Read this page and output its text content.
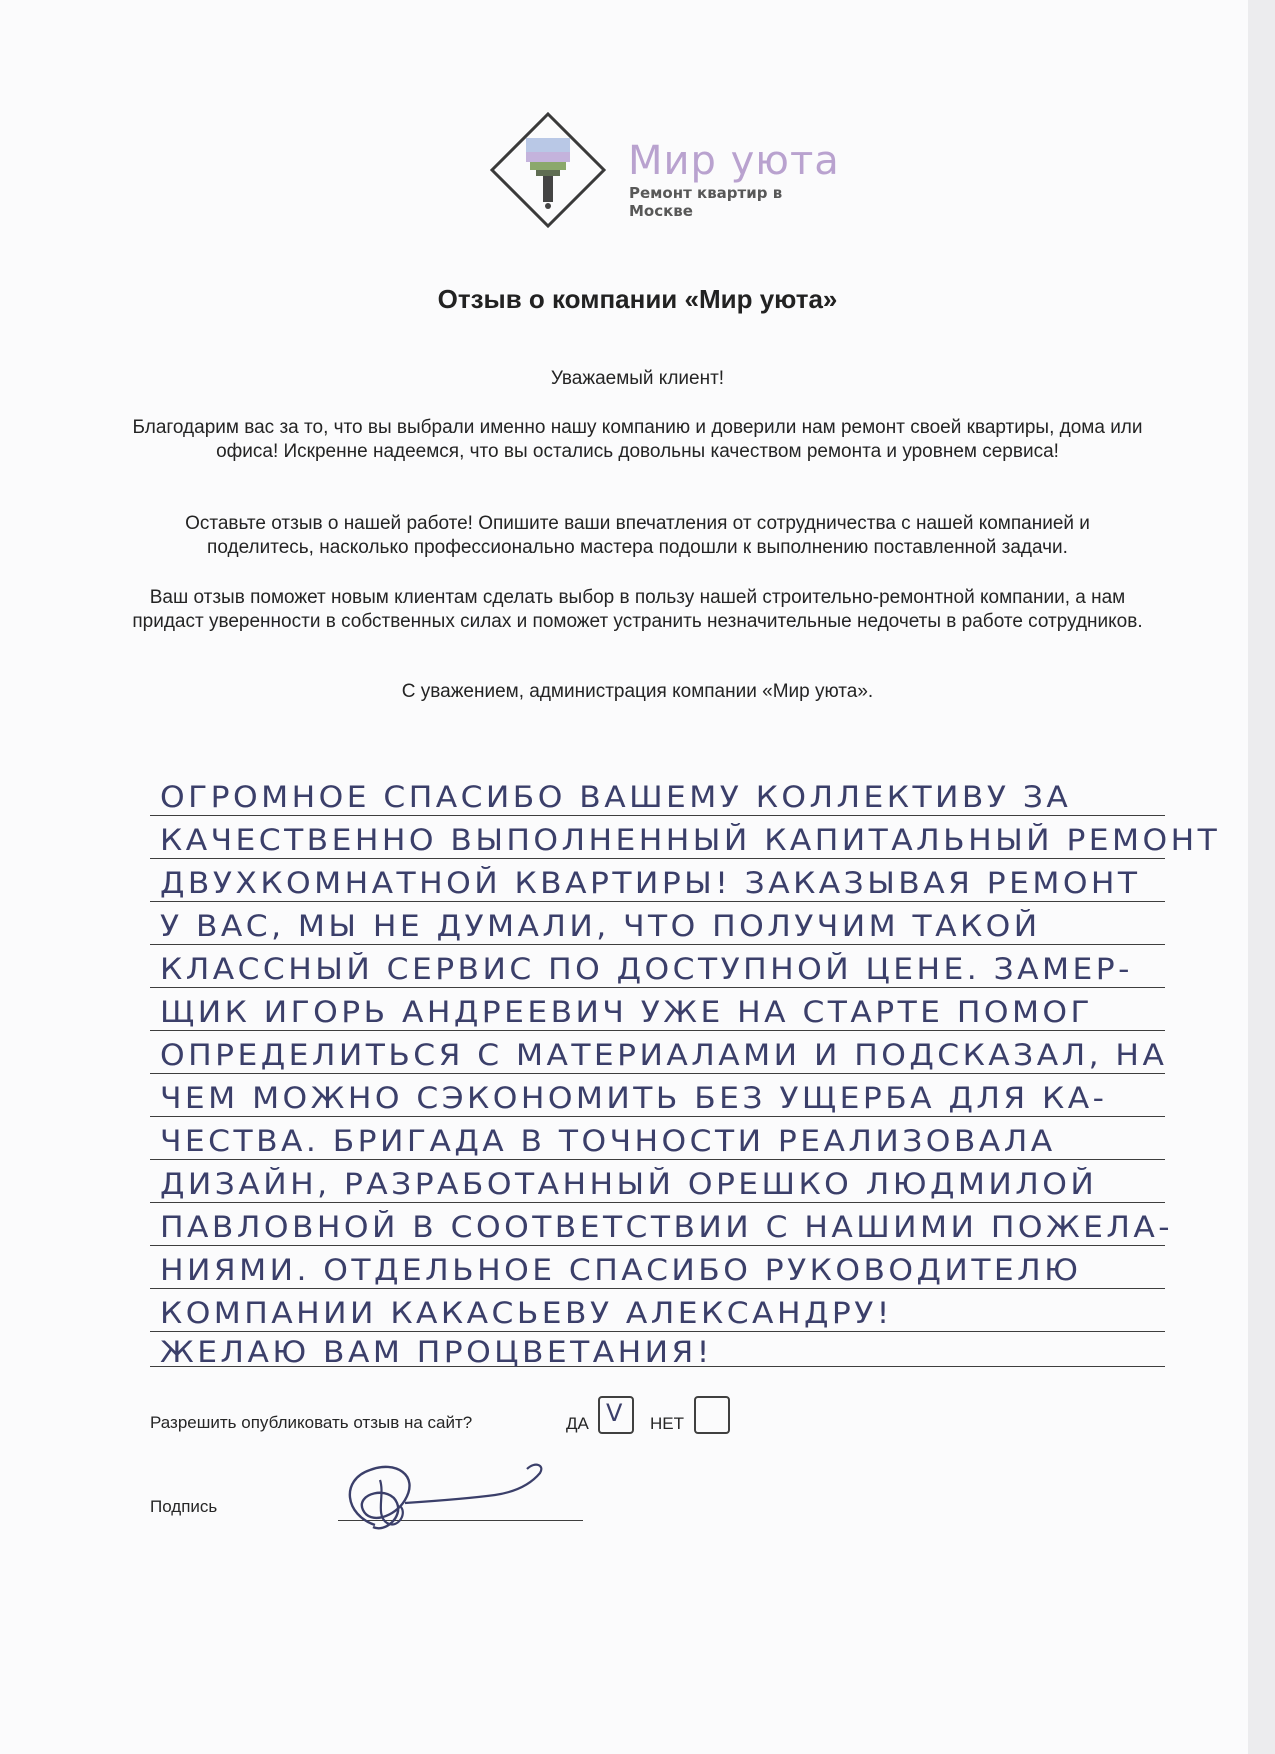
Мир уюта
Ремонт квартир в Москве
Отзыв о компании «Мир уюта»
Уважаемый клиент!
Благодарим вас за то, что вы выбрали именно нашу компанию и доверили нам ремонт своей квартиры, дома или офиса! Искренне надеемся, что вы остались довольны качеством ремонта и уровнем сервиса!
Оставьте отзыв о нашей работе! Опишите ваши впечатления от сотрудничества с нашей компанией и поделитесь, насколько профессионально мастера подошли к выполнению поставленной задачи.
Ваш отзыв поможет новым клиентам сделать выбор в пользу нашей строительно-ремонтной компании, а нам придаст уверенности в собственных силах и поможет устранить незначительные недочеты в работе сотрудников.
С уважением, администрация компании «Мир уюта».
ОГРОМНОЕ СПАСИБО ВАШЕМУ КОЛЛЕКТИВУ ЗА
КАЧЕСТВЕННО ВЫПОЛНЕННЫЙ КАПИТАЛЬНЫЙ РЕМОНТ
ДВУХКОМНАТНОЙ КВАРТИРЫ! ЗАКАЗЫВАЯ РЕМОНТ
У ВАС, МЫ НЕ ДУМАЛИ, ЧТО ПОЛУЧИМ ТАКОЙ
КЛАССНЫЙ СЕРВИС ПО ДОСТУПНОЙ ЦЕНЕ. ЗАМЕР-
ЩИК ИГОРЬ АНДРЕЕВИЧ УЖЕ НА СТАРТЕ ПОМОГ
ОПРЕДЕЛИТЬСЯ С МАТЕРИАЛАМИ И ПОДСКАЗАЛ, НА
ЧЕМ МОЖНО СЭКОНОМИТЬ БЕЗ УЩЕРБА ДЛЯ КА-
ЧЕСТВА. БРИГАДА В ТОЧНОСТИ РЕАЛИЗОВАЛА
ДИЗАЙН, РАЗРАБОТАННЫЙ ОРЕШКО ЛЮДМИЛОЙ
ПАВЛОВНОЙ В СООТВЕТСТВИИ С НАШИМИ ПОЖЕЛА-
НИЯМИ. ОТДЕЛЬНОЕ СПАСИБО РУКОВОДИТЕЛЮ
КОМПАНИИ КАКАСЬЕВУ АЛЕКСАНДРУ!
ЖЕЛАЮ ВАМ ПРОЦВЕТАНИЯ!
Разрешить опубликовать отзыв на сайт?	ДА V НЕТ
Подпись
